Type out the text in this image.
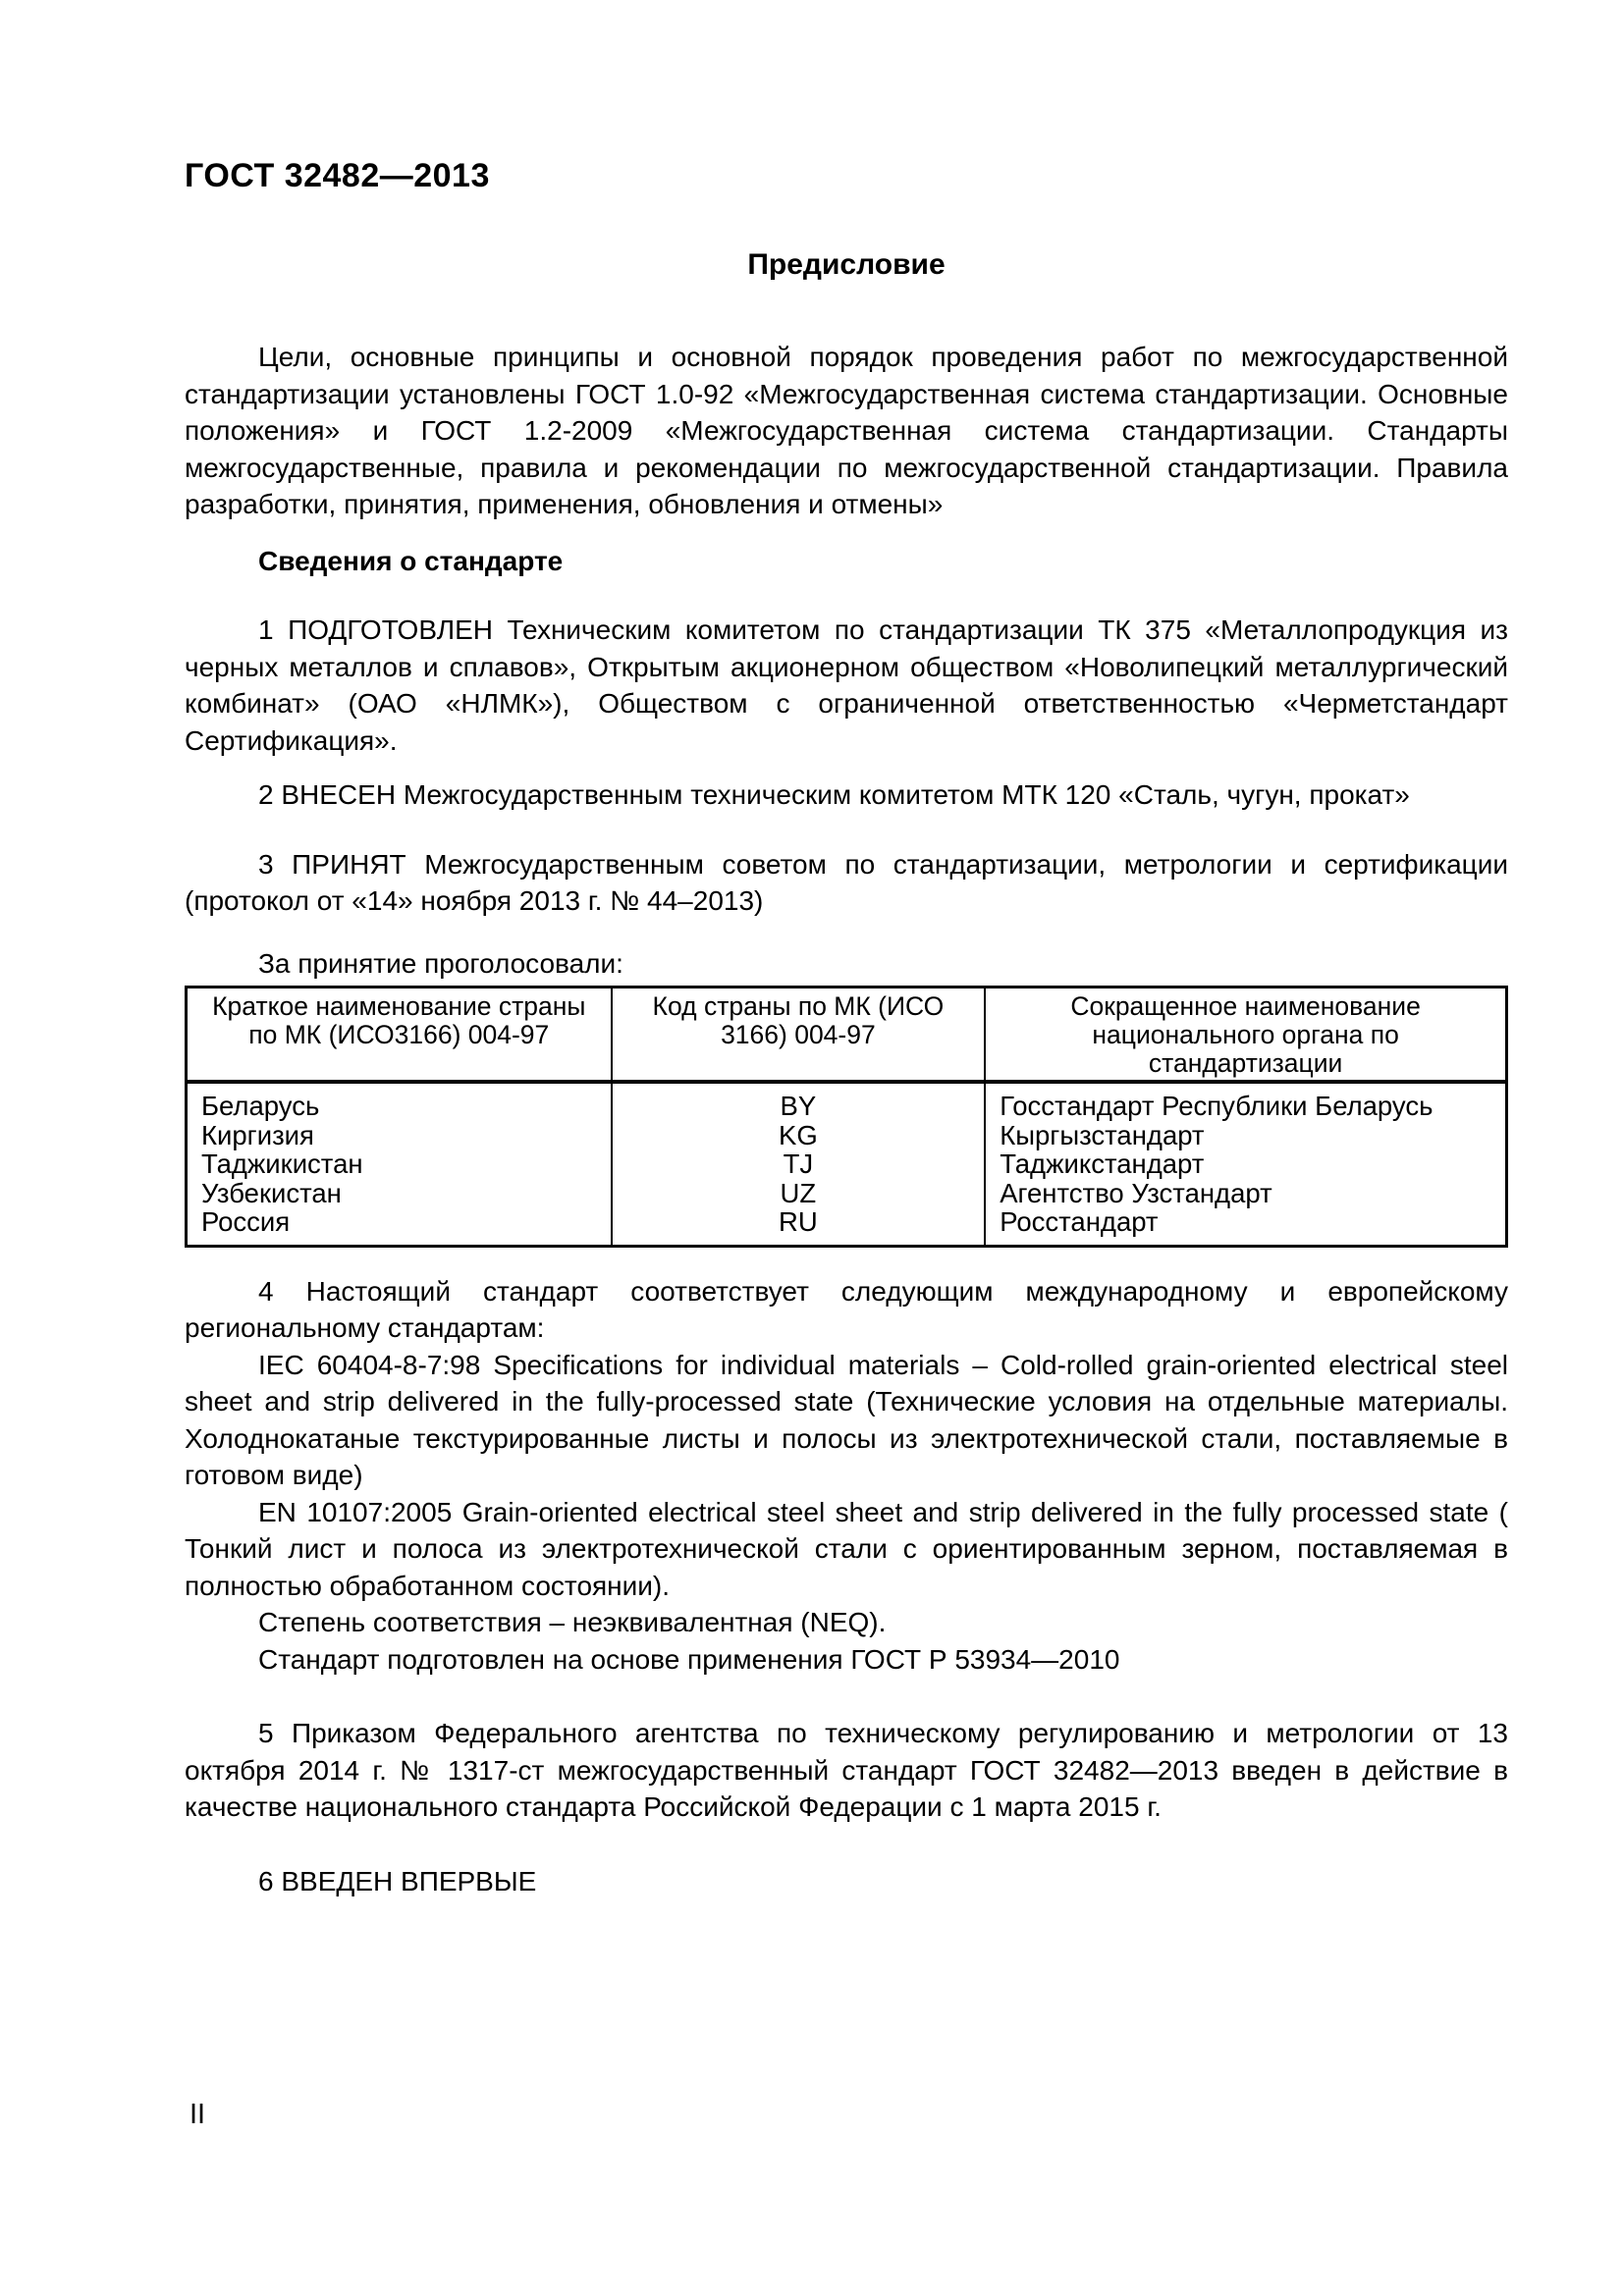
ГОСТ 32482—2013
Предисловие

Цели, основные принципы и основной порядок проведения работ по межгосударственной стандартизации установлены ГОСТ 1.0-92 «Межгосударственная система стандартизации. Основные положения» и ГОСТ 1.2-2009 «Межгосударственная система стандартизации. Стандарты межгосударственные, правила и рекомендации по межгосударственной стандартизации. Правила разработки, принятия, применения, обновления и отмены»

Сведения о стандарте

1 ПОДГОТОВЛЕН Техническим комитетом по стандартизации ТК 375 «Металлопродукция из черных металлов и сплавов», Открытым акционерном обществом «Новолипецкий металлургический комбинат» (ОАО «НЛМК»), Обществом с ограниченной ответственностью «Черметстандарт Сертификация».

2 ВНЕСЕН Межгосударственным техническим комитетом МТК 120 «Сталь, чугун, прокат»

3 ПРИНЯТ Межгосударственным советом по стандартизации, метрологии и сертификации (протокол от «14» ноября 2013 г. № 44–2013)

За принятие проголосовали:

Краткое наименование страны по МК (ИСО3166) 004-97	Код страны по МК (ИСО 3166) 004-97	Сокращенное наименование национального органа по стандартизации
Беларусь	BY	Госстандарт Республики Беларусь
Киргизия	KG	Кыргызстандарт
Таджикистан	TJ	Таджикстандарт
Узбекистан	UZ	Агентство Узстандарт
Россия	RU	Росстандарт

4 Настоящий стандарт соответствует следующим международному и европейскому региональному стандартам:

IEC 60404-8-7:98 Specifications for individual materials – Cold-rolled grain-oriented electrical steel sheet and strip delivered in the fully-processed state (Технические условия на отдельные материалы. Холоднокатаные текстурированные листы и полосы из электротехнической стали, поставляемые в готовом виде)

EN 10107:2005 Grain-oriented electrical steel sheet and strip delivered in the fully processed state ( Тонкий лист и полоса из электротехнической стали с ориентированным зерном, поставляемая в полностью обработанном состоянии).

Степень соответствия – неэквивалентная (NEQ).

Стандарт подготовлен на основе применения ГОСТ Р 53934—2010

5 Приказом Федерального агентства по техническому регулированию и метрологии от 13 октября 2014 г. № 1317-ст межгосударственный стандарт ГОСТ 32482—2013 введен в действие в качестве национального стандарта Российской Федерации с 1 марта 2015 г.

6 ВВЕДЕН ВПЕРВЫЕ

II
